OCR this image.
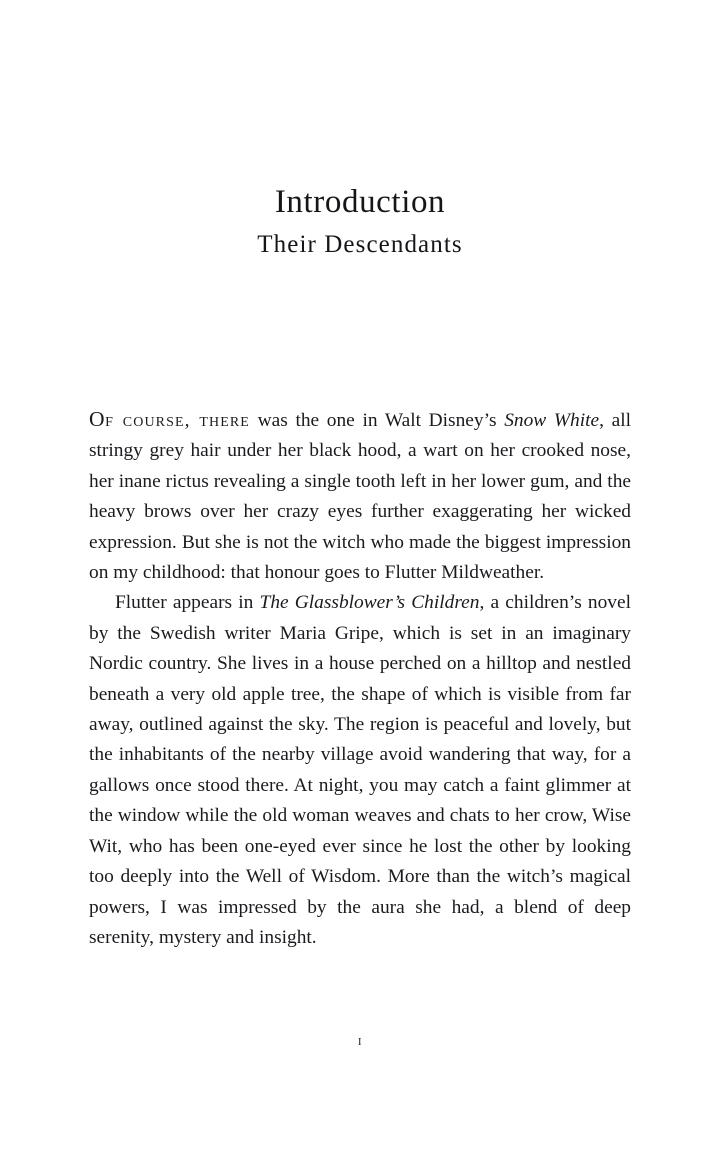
Introduction
Their Descendants

Of course, there was the one in Walt Disney’s Snow White, all stringy grey hair under her black hood, a wart on her crooked nose, her inane rictus revealing a single tooth left in her lower gum, and the heavy brows over her crazy eyes further exaggerating her wicked expression. But she is not the witch who made the biggest impression on my childhood: that honour goes to Flutter Mildweather.

Flutter appears in The Glassblower’s Children, a children’s novel by the Swedish writer Maria Gripe, which is set in an imaginary Nordic country. She lives in a house perched on a hilltop and nestled beneath a very old apple tree, the shape of which is visible from far away, outlined against the sky. The region is peaceful and lovely, but the inhabitants of the nearby village avoid wandering that way, for a gallows once stood there. At night, you may catch a faint glimmer at the window while the old woman weaves and chats to her crow, Wise Wit, who has been one-eyed ever since he lost the other by looking too deeply into the Well of Wisdom. More than the witch’s magical powers, I was impressed by the aura she had, a blend of deep serenity, mystery and insight.

i
